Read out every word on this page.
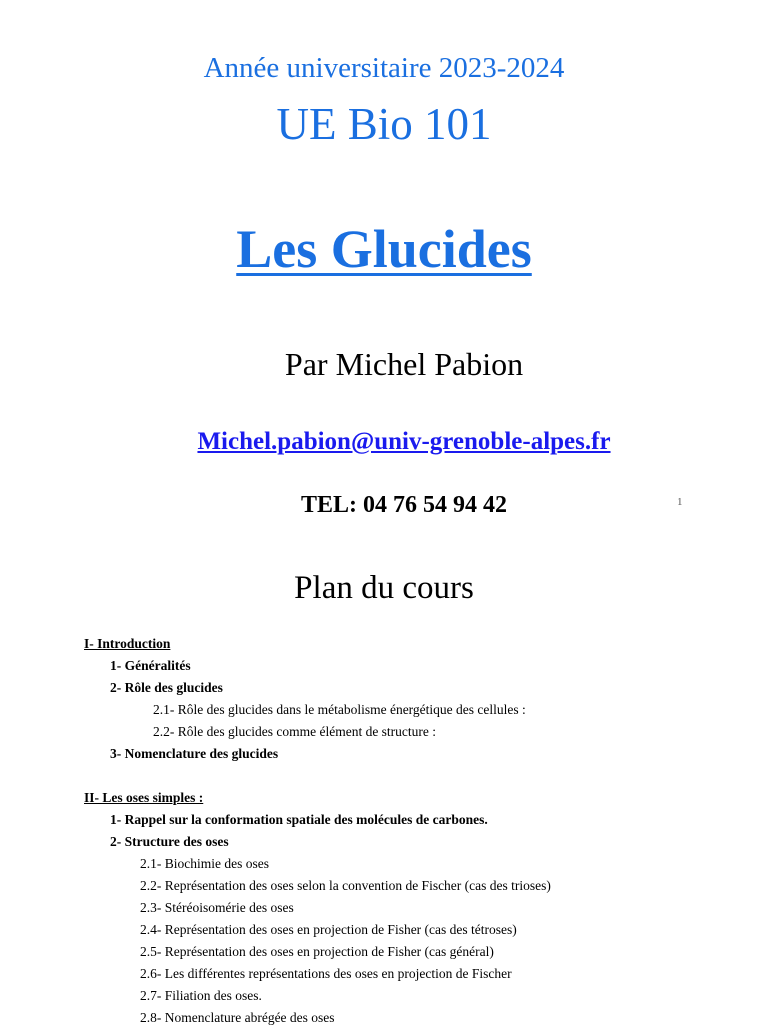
Année universitaire 2023-2024
UE Bio 101
Les Glucides
Par Michel Pabion
Michel.pabion@univ-grenoble-alpes.fr
TEL: 04 76 54 94 42	1
Plan du cours
I- Introduction
1- Généralités
2- Rôle des glucides
2.1- Rôle des glucides dans le métabolisme énergétique des cellules :
2.2- Rôle des glucides comme élément de structure :
3- Nomenclature des glucides
II- Les oses simples :
1- Rappel sur la conformation spatiale des molécules de carbones.
2- Structure des oses
2.1- Biochimie des oses
2.2- Représentation des oses selon la convention de Fischer (cas des trioses)
2.3- Stéréoisomérie des oses
2.4- Représentation des oses en projection de Fisher (cas des tétroses)
2.5- Représentation des oses en projection de Fisher (cas général)
2.6- Les différentes représentations des oses en projection de Fischer
2.7- Filiation des oses.
2.8- Nomenclature abrégée des oses
